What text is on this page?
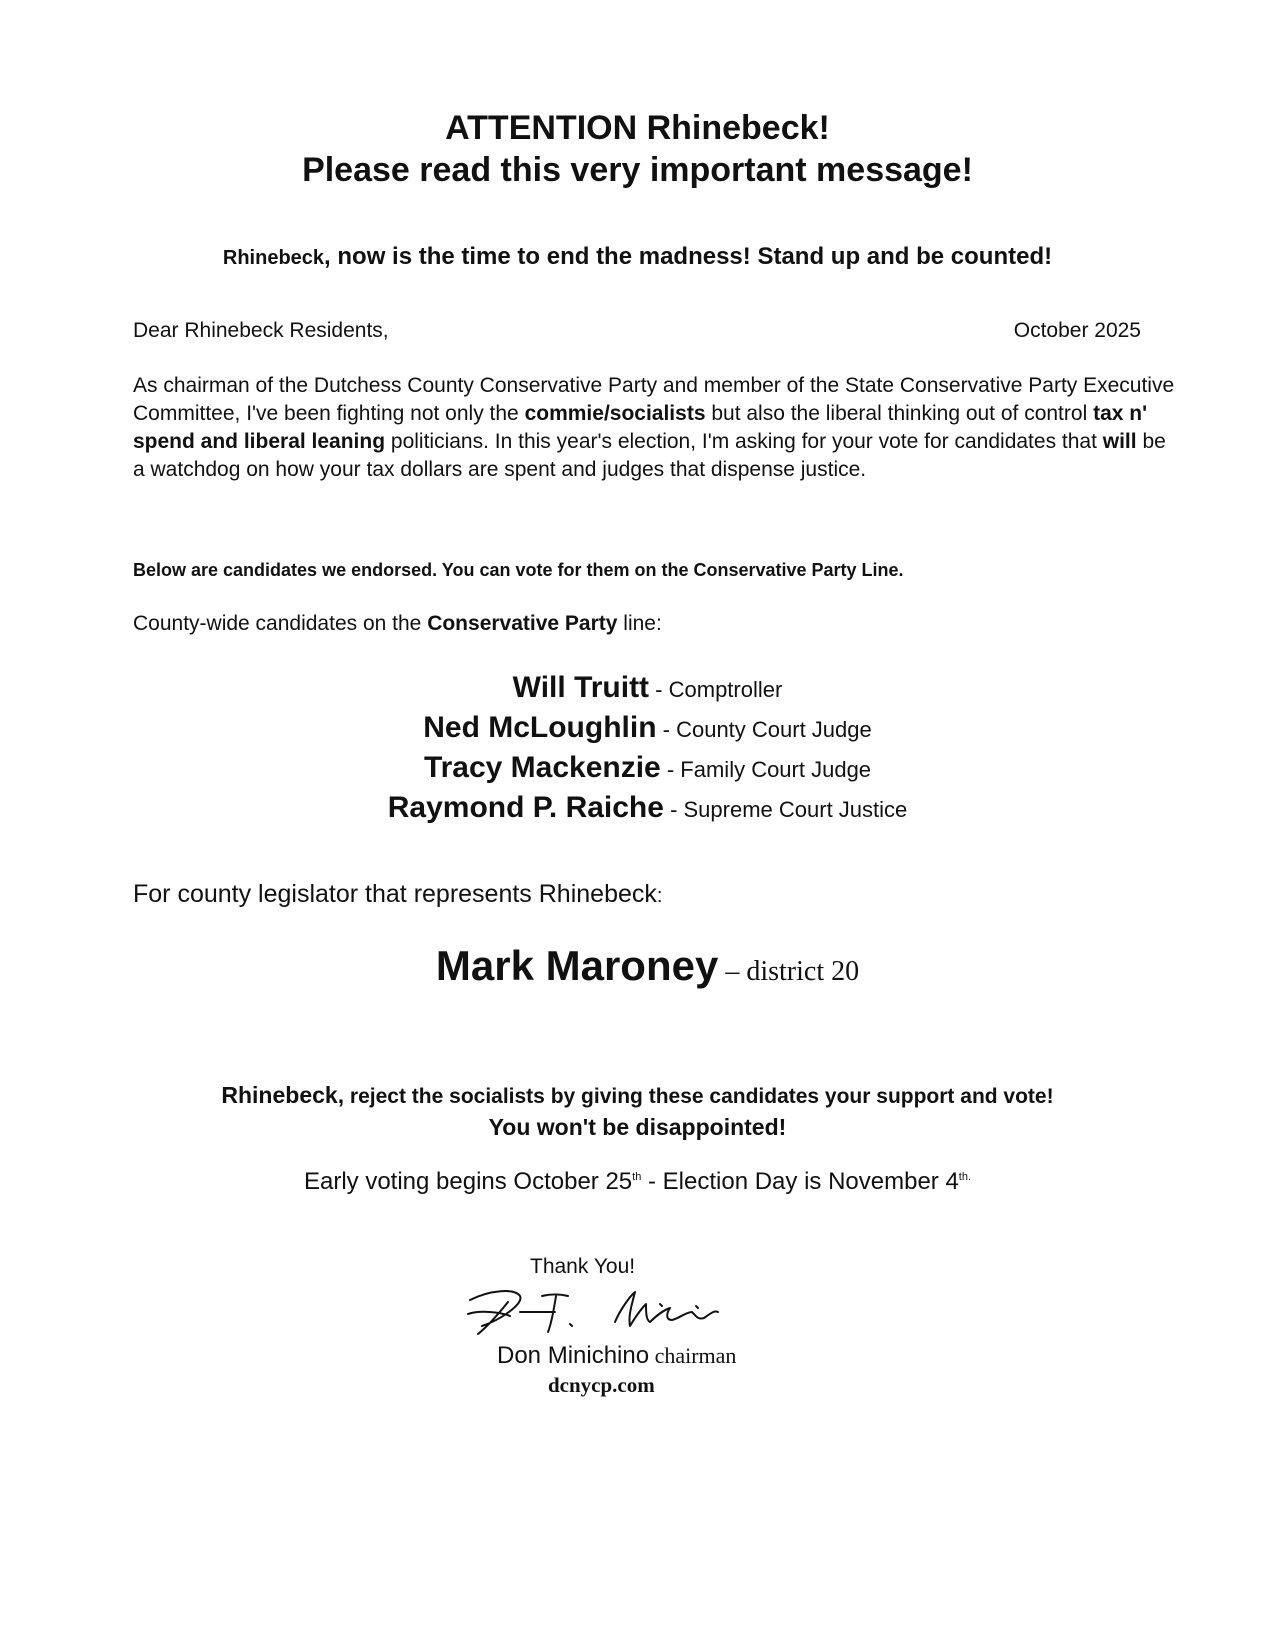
ATTENTION Rhinebeck!
Please read this very important message!
Rhinebeck, now is the time to end the madness! Stand up and be counted!
Dear Rhinebeck Residents,	October 2025
As chairman of the Dutchess County Conservative Party and member of the State Conservative Party Executive Committee, I've been fighting not only the commie/socialists but also the liberal thinking out of control tax n' spend and liberal leaning politicians. In this year's election, I'm asking for your vote for candidates that will be a watchdog on how your tax dollars are spent and judges that dispense justice.
Below are candidates we endorsed. You can vote for them on the Conservative Party Line.
County-wide candidates on the Conservative Party line:
Will Truitt - Comptroller
Ned McLoughlin - County Court Judge
Tracy Mackenzie - Family Court Judge
Raymond P. Raiche - Supreme Court Justice
For county legislator that represents Rhinebeck:
Mark Maroney – district 20
Rhinebeck, reject the socialists by giving these candidates your support and vote!
You won't be disappointed!
Early voting begins October 25th - Election Day is November $4^{th.}$
Thank You!
Don Minichino chairman
dcnycp.com
